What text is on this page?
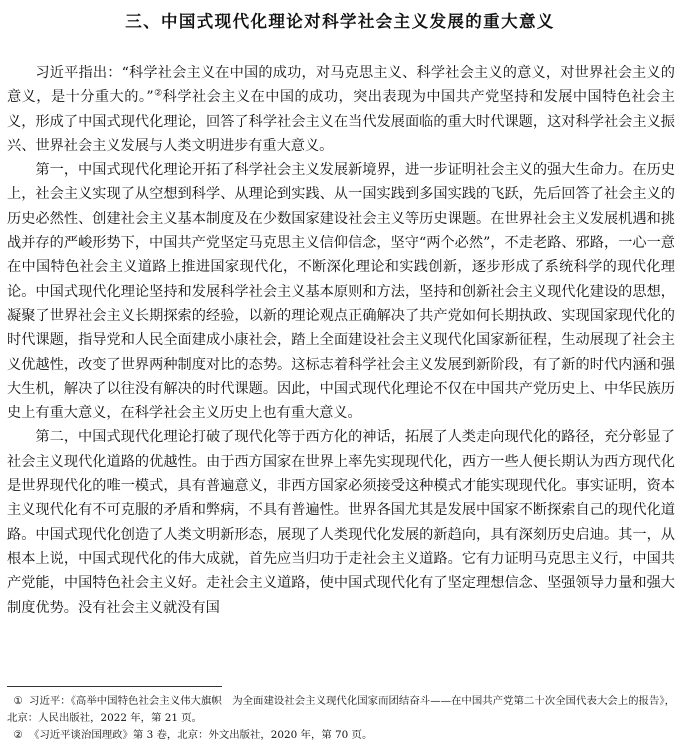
三、中国式现代化理论对科学社会主义发展的重大意义

习近平指出：“科学社会主义在中国的成功，对马克思主义、科学社会主义的意义，对世界社会主义的意义，是十分重大的。”②科学社会主义在中国的成功，突出表现为中国共产党坚持和发展中国特色社会主义，形成了中国式现代化理论，回答了科学社会主义在当代发展面临的重大时代课题，这对科学社会主义振兴、世界社会主义发展与人类文明进步有重大意义。

第一，中国式现代化理论开拓了科学社会主义发展新境界，进一步证明社会主义的强大生命力。在历史上，社会主义实现了从空想到科学、从理论到实践、从一国实践到多国实践的飞跃，先后回答了社会主义的历史必然性、创建社会主义基本制度及在少数国家建设社会主义等历史课题。在世界社会主义发展机遇和挑战并存的严峻形势下，中国共产党坚定马克思主义信仰信念，坚守“两个必然”，不走老路、邪路，一心一意在中国特色社会主义道路上推进国家现代化，不断深化理论和实践创新，逐步形成了系统科学的现代化理论。中国式现代化理论坚持和发展科学社会主义基本原则和方法，坚持和创新社会主义现代化建设的思想，凝聚了世界社会主义长期探索的经验，以新的理论观点正确解决了共产党如何长期执政、实现国家现代化的时代课题，指导党和人民全面建成小康社会，踏上全面建设社会主义现代化国家新征程，生动展现了社会主义优越性，改变了世界两种制度对比的态势。这标志着科学社会主义发展到新阶段，有了新的时代内涵和强大生机，解决了以往没有解决的时代课题。因此，中国式现代化理论不仅在中国共产党历史上、中华民族历史上有重大意义，在科学社会主义历史上也有重大意义。

第二，中国式现代化理论打破了现代化等于西方化的神话，拓展了人类走向现代化的路径，充分彰显了社会主义现代化道路的优越性。由于西方国家在世界上率先实现现代化，西方一些人便长期认为西方现代化是世界现代化的唯一模式，具有普遍意义，非西方国家必须接受这种模式才能实现现代化。事实证明，资本主义现代化有不可克服的矛盾和弊病，不具有普遍性。世界各国尤其是发展中国家不断探索自己的现代化道路。中国式现代化创造了人类文明新形态，展现了人类现代化发展的新趋向，具有深刻历史启迪。其一，从根本上说，中国式现代化的伟大成就，首先应当归功于走社会主义道路。它有力证明马克思主义行，中国共产党能，中国特色社会主义好。走社会主义道路，使中国式现代化有了坚定理想信念、坚强领导力量和强大制度优势。没有社会主义就没有国

① 习近平：《高举中国特色社会主义伟大旗帜　为全面建设社会主义现代化国家而团结奋斗——在中国共产党第二十次全国代表大会上的报告》，北京：人民出版社，2022 年，第 21 页。

② 《习近平谈治国理政》第 3 卷，北京：外文出版社，2020 年，第 70 页。
